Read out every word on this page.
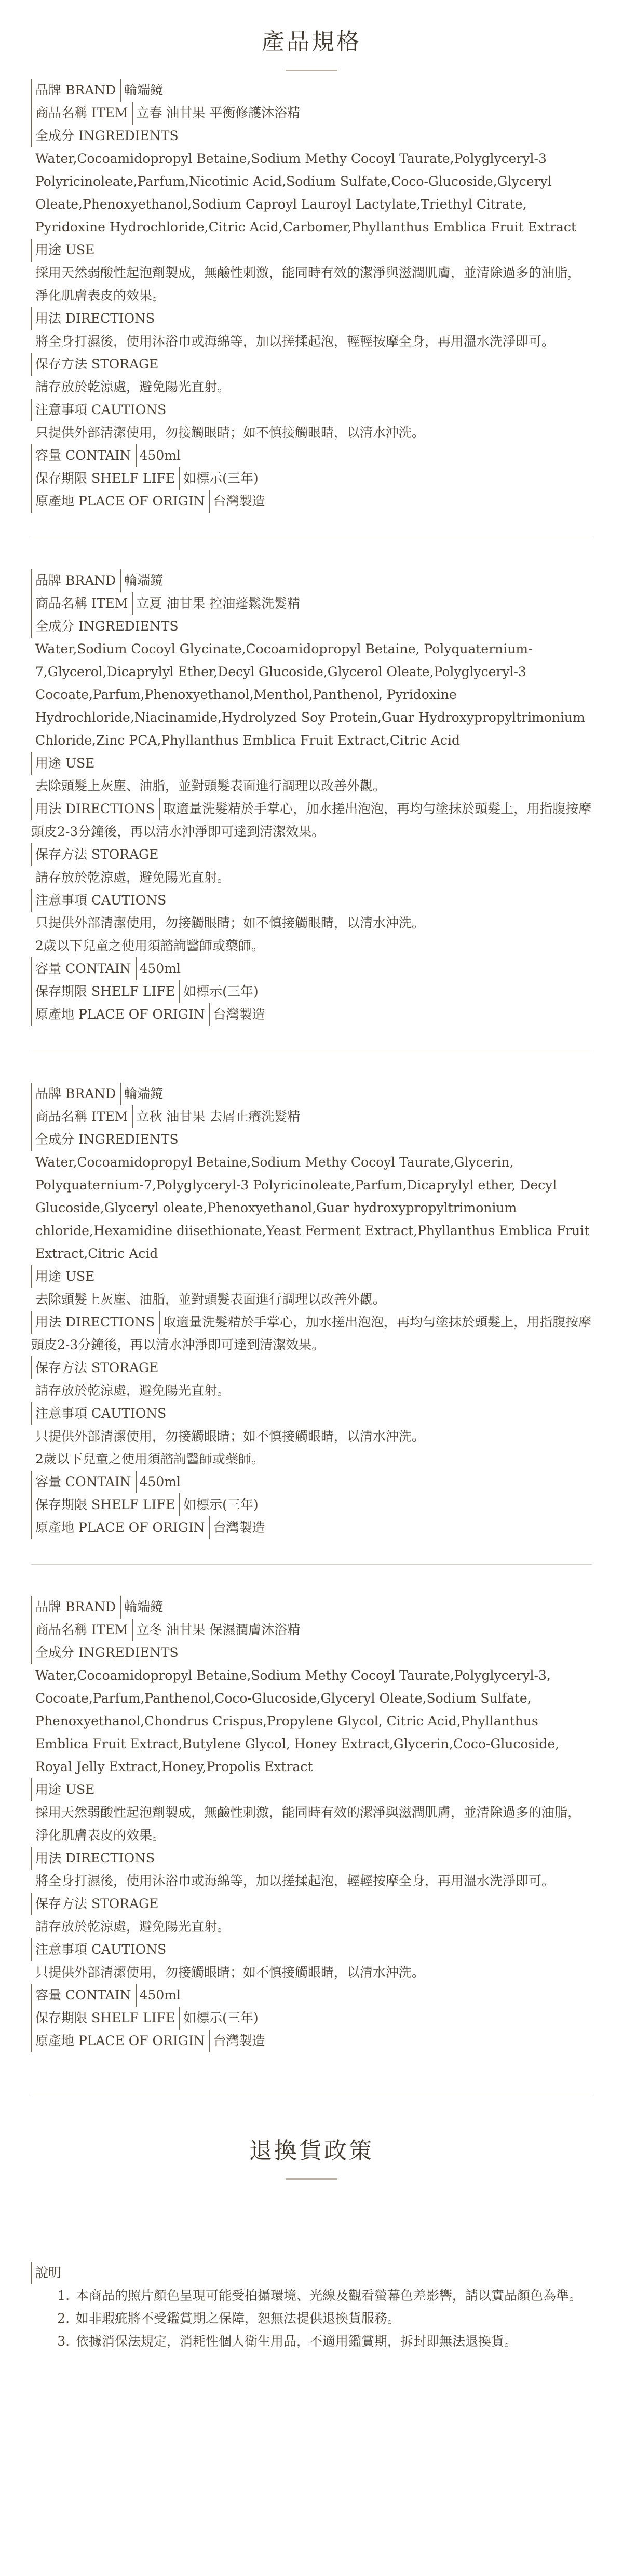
產品規格
品牌 BRAND 輪端鏡
商品名稱 ITEM 立春 油甘果 平衡修護沐浴精
全成分 INGREDIENTS
Water,Cocoamidopropyl Betaine,Sodium Methy Cocoyl Taurate,Polyglyceryl-3 Polyricinoleate,Parfum,Nicotinic Acid,Sodium Sulfate,Coco-Glucoside,Glyceryl Oleate,Phenoxyethanol,Sodium Caproyl Lauroyl Lactylate,Triethyl Citrate, Pyridoxine Hydrochloride,Citric Acid,Carbomer,Phyllanthus Emblica Fruit Extract
用途 USE
採用天然弱酸性起泡劑製成，無鹼性刺激，能同時有效的潔淨與滋潤肌膚，並清除過多的油脂，淨化肌膚表皮的效果。
用法 DIRECTIONS
將全身打濕後，使用沐浴巾或海綿等，加以搓揉起泡，輕輕按摩全身，再用溫水洗淨即可。
保存方法 STORAGE
請存放於乾涼處，避免陽光直射。
注意事項 CAUTIONS
只提供外部清潔使用，勿接觸眼睛；如不慎接觸眼睛，以清水沖洗。
容量 CONTAIN 450ml
保存期限 SHELF LIFE 如標示(三年)
原產地 PLACE OF ORIGIN 台灣製造
品牌 BRAND 輪端鏡
商品名稱 ITEM 立夏 油甘果 控油蓬鬆洗髮精
全成分 INGREDIENTS
Water,Sodium Cocoyl Glycinate,Cocoamidopropyl Betaine, Polyquaternium-7,Glycerol,Dicaprylyl Ether,Decyl Glucoside,Glycerol Oleate,Polyglyceryl-3 Cocoate,Parfum,Phenoxyethanol,Menthol,Panthenol, Pyridoxine Hydrochloride,Niacinamide,Hydrolyzed Soy Protein,Guar Hydroxypropyltrimonium Chloride,Zinc PCA,Phyllanthus Emblica Fruit Extract,Citric Acid
用途 USE
去除頭髮上灰塵、油脂，並對頭髮表面進行調理以改善外觀。
用法 DIRECTIONS 取適量洗髮精於手掌心，加水搓出泡泡，再均勻塗抹於頭髮上，用指腹按摩頭皮2-3分鐘後，再以清水沖淨即可達到清潔效果。
保存方法 STORAGE
請存放於乾涼處，避免陽光直射。
注意事項 CAUTIONS
只提供外部清潔使用，勿接觸眼睛；如不慎接觸眼睛，以清水沖洗。
2歲以下兒童之使用須諮詢醫師或藥師。
容量 CONTAIN 450ml
保存期限 SHELF LIFE 如標示(三年)
原產地 PLACE OF ORIGIN 台灣製造
品牌 BRAND 輪端鏡
商品名稱 ITEM 立秋 油甘果 去屑止癢洗髮精
全成分 INGREDIENTS
Water,Cocoamidopropyl Betaine,Sodium Methy Cocoyl Taurate,Glycerin, Polyquaternium-7,Polyglyceryl-3 Polyricinoleate,Parfum,Dicaprylyl ether, Decyl Glucoside,Glyceryl oleate,Phenoxyethanol,Guar hydroxypropyltrimonium chloride,Hexamidine diisethionate,Yeast Ferment Extract,Phyllanthus Emblica Fruit Extract,Citric Acid
用途 USE
去除頭髮上灰塵、油脂，並對頭髮表面進行調理以改善外觀。
用法 DIRECTIONS 取適量洗髮精於手掌心，加水搓出泡泡，再均勻塗抹於頭髮上，用指腹按摩頭皮2-3分鐘後，再以清水沖淨即可達到清潔效果。
保存方法 STORAGE
請存放於乾涼處，避免陽光直射。
注意事項 CAUTIONS
只提供外部清潔使用，勿接觸眼睛；如不慎接觸眼睛，以清水沖洗。
2歲以下兒童之使用須諮詢醫師或藥師。
容量 CONTAIN 450ml
保存期限 SHELF LIFE 如標示(三年)
原產地 PLACE OF ORIGIN 台灣製造
品牌 BRAND 輪端鏡
商品名稱 ITEM 立冬 油甘果 保濕潤膚沐浴精
全成分 INGREDIENTS
Water,Cocoamidopropyl Betaine,Sodium Methy Cocoyl Taurate,Polyglyceryl-3, Cocoate,Parfum,Panthenol,Coco-Glucoside,Glyceryl Oleate,Sodium Sulfate, Phenoxyethanol,Chondrus Crispus,Propylene Glycol, Citric Acid,Phyllanthus Emblica Fruit Extract,Butylene Glycol, Honey Extract,Glycerin,Coco-Glucoside, Royal Jelly Extract,Honey,Propolis Extract
用途 USE
採用天然弱酸性起泡劑製成，無鹼性刺激，能同時有效的潔淨與滋潤肌膚，並清除過多的油脂，淨化肌膚表皮的效果。
用法 DIRECTIONS
將全身打濕後，使用沐浴巾或海綿等，加以搓揉起泡，輕輕按摩全身，再用溫水洗淨即可。
保存方法 STORAGE
請存放於乾涼處，避免陽光直射。
注意事項 CAUTIONS
只提供外部清潔使用，勿接觸眼睛；如不慎接觸眼睛，以清水沖洗。
容量 CONTAIN 450ml
保存期限 SHELF LIFE 如標示(三年)
原產地 PLACE OF ORIGIN 台灣製造
退換貨政策
說明
1. 本商品的照片顏色呈現可能受拍攝環境、光線及觀看螢幕色差影響，請以實品顏色為準。
2. 如非瑕疵將不受鑑賞期之保障，恕無法提供退換貨服務。
3. 依據消保法規定，消耗性個人衛生用品，不適用鑑賞期，拆封即無法退換貨。
